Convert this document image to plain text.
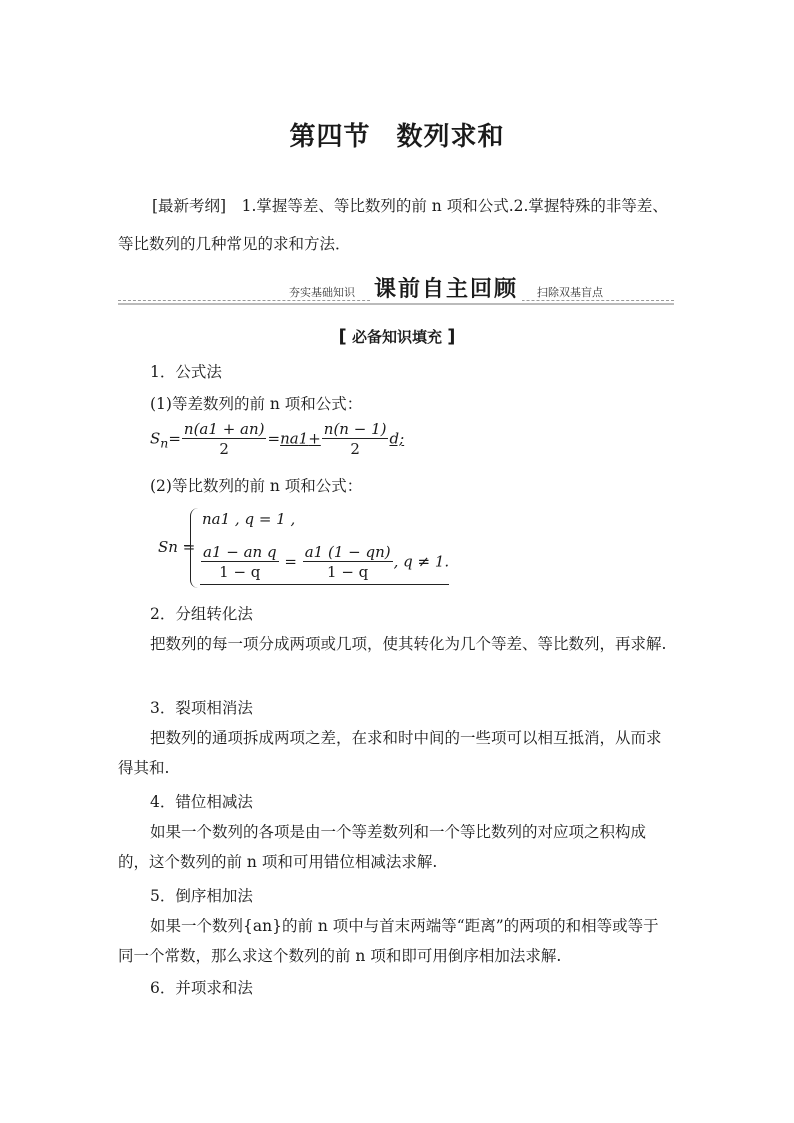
第四节 数列求和
[最新考纲]　1.掌握等差、等比数列的前 n 项和公式.2.掌握特殊的非等差、等比数列的几种常见的求和方法．
夯实基础知识 课前自主回顾	扫除双基盲点
[ 必备知识填充 ]
1．公式法
(1)等差数列的前 n 项和公式：
$S_n= \frac{n(a1 + an)}{2} =na1+ \frac{n(n - 1)}{2} d$;
(2)等比数列的前 n 项和公式：
Sn =
na1 , q = 1 ,
$\frac{\text{a1 − an q}}{1 - q} = \frac{a1 (1 - qn)}{1 - q}$ , q ≠ 1.
2．分组转化法
把数列的每一项分成两项或几项，使其转化为几个等差、等比数列，再求解.
3．裂项相消法
把数列的通项拆成两项之差，在求和时中间的一些项可以相互抵消，从而求得其和.
4．错位相减法
如果一个数列的各项是由一个等差数列和一个等比数列的对应项之积构成的，这个数列的前 n 项和可用错位相减法求解.
5．倒序相加法
如果一个数列{an}的前 n 项中与首末两端等“距离”的两项的和相等或等于同一个常数，那么求这个数列的前 n 项和即可用倒序相加法求解.
6．并项求和法
